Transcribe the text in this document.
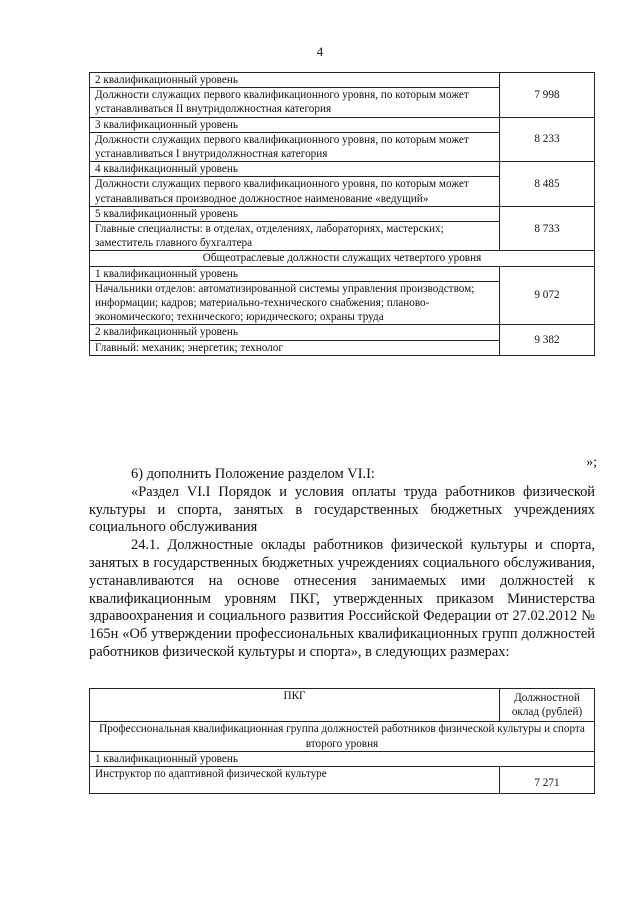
4
2 квалификационный уровень	7 998
Должности служащих первого квалификационного уровня, по которым может устанавливаться II внутридолжностная категория	
3 квалификационный уровень	8 233
Должности служащих первого квалификационного уровня, по которым может устанавливаться I внутридолжностная категория	
4 квалификационный уровень	8 485
Должности служащих первого квалификационного уровня, по которым может устанавливаться производное должностное наименование «ведущий»	
5 квалификационный уровень	8 733
Главные специалисты: в отделах, отделениях, лабораториях, мастерских; заместитель главного бухгалтера	
Общеотраслевые должности служащих четвертого уровня	
1 квалификационный уровень	9 072
Начальники отделов: автоматизированной системы управления производством; информации; кадров; материально-технического снабжения; планово-экономического; технического; юридического; охраны труда	
2 квалификационный уровень	9 382
Главный: механик; энергетик; технолог	
»;

6) дополнить Положение разделом VI.I:

«Раздел VI.I Порядок и условия оплаты труда работников физической культуры и спорта, занятых в государственных бюджетных учреждениях социального обслуживания

24.1. Должностные оклады работников физической культуры и спорта, занятых в государственных бюджетных учреждениях социального обслуживания, устанавливаются на основе отнесения занимаемых ими должностей к квалификационным уровням ПКГ, утвержденных приказом Министерства здравоохранения и социального развития Российской Федерации от 27.02.2012 № 165н «Об утверждении профессиональных квалификационных групп должностей работников физической культуры и спорта», в следующих размерах:

ПКГ	Должностной оклад (рублей)
Профессиональная квалификационная группа должностей работников физической культуры и спорта второго уровня	
1 квалификационный уровень	
Инструктор по адаптивной физической культуре	7 271
